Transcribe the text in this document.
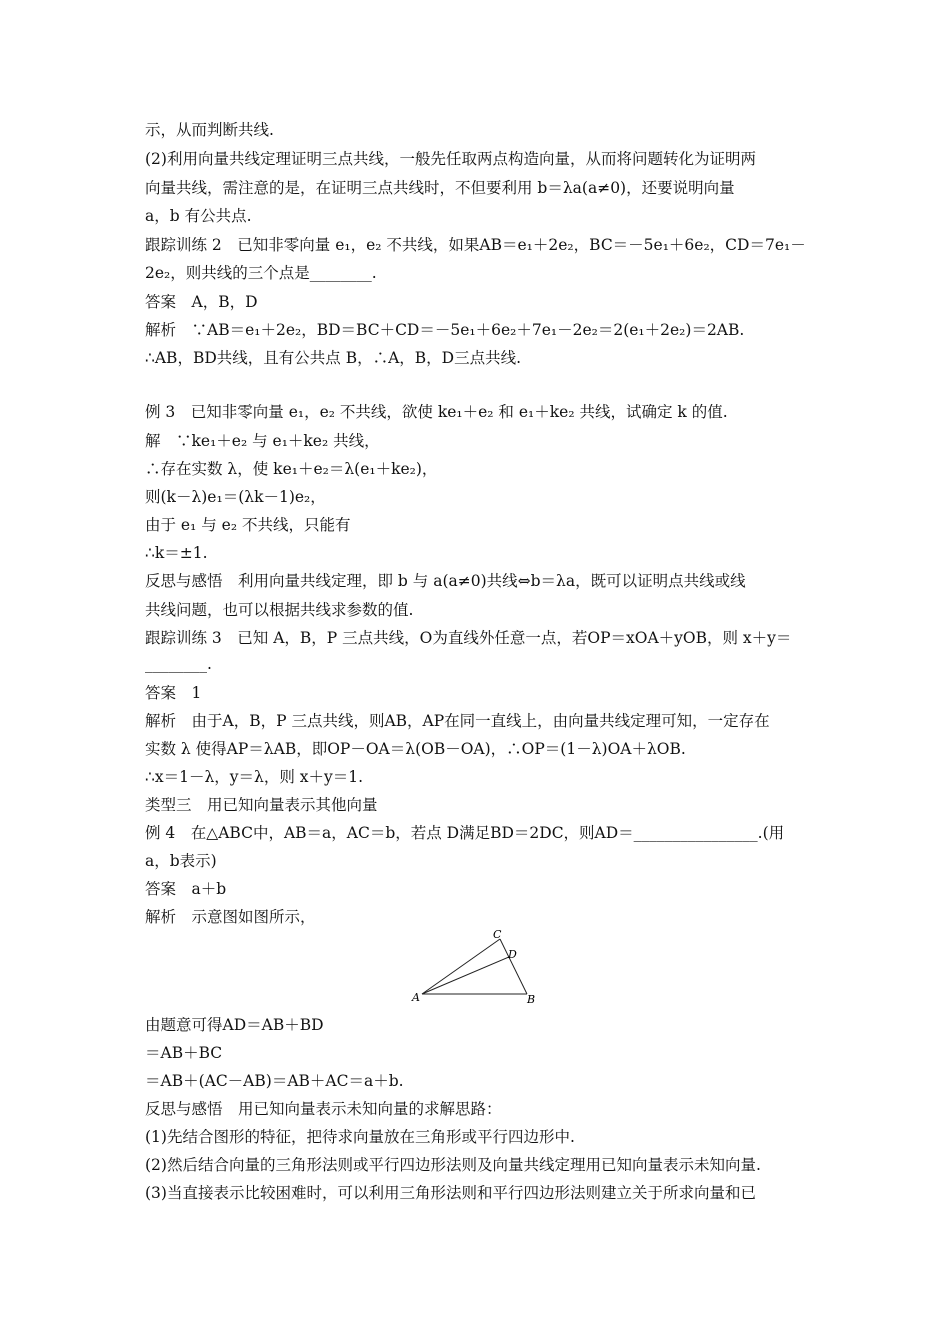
示，从而判断共线.
(2)利用向量共线定理证明三点共线，一般先任取两点构造向量，从而将问题转化为证明两
向量共线，需注意的是，在证明三点共线时，不但要利用 b＝λa(a≠0)，还要说明向量
a，b 有公共点.
跟踪训练 2　已知非零向量 e₁，e₂ 不共线，如果AB＝e₁＋2e₂，BC＝－5e₁＋6e₂，CD＝7e₁－
2e₂，则共线的三个点是________.
答案　A，B，D
解析　∵AB＝e₁＋2e₂，BD＝BC＋CD＝－5e₁＋6e₂＋7e₁－2e₂＝2(e₁＋2e₂)＝2AB.
∴AB，BD共线，且有公共点 B，∴A，B，D三点共线.
例 3　已知非零向量 e₁，e₂ 不共线，欲使 ke₁＋e₂ 和 e₁＋ke₂ 共线，试确定 k 的值.
解　∵ke₁＋e₂ 与 e₁＋ke₂ 共线，
∴存在实数 λ，使 ke₁＋e₂＝λ(e₁＋ke₂)，
则(k－λ)e₁＝(λk－1)e₂，
由于 e₁ 与 e₂ 不共线，只能有
∴k＝±1.
反思与感悟　利用向量共线定理，即 b 与 a(a≠0)共线⇔b＝λa，既可以证明点共线或线
共线问题，也可以根据共线求参数的值.
跟踪训练 3　已知 A，B，P 三点共线，O为直线外任意一点，若OP＝xOA＋yOB，则 x＋y＝
________.
答案　1
解析　由于A，B，P 三点共线，则AB，AP在同一直线上，由向量共线定理可知，一定存在
实数 λ 使得AP＝λAB，即OP－OA＝λ(OB－OA)，∴OP＝(1－λ)OA＋λOB.
∴x＝1－λ，y＝λ，则 x＋y＝1.
类型三　用已知向量表示其他向量
例 4　在△ABC中，AB＝a，AC＝b，若点 D满足BD＝2DC，则AD＝________________.(用
a，b表示)
答案　a＋b
解析　示意图如图所示，
A	B
C
D
由题意可得AD＝AB＋BD
＝AB＋BC
＝AB＋(AC－AB)＝AB＋AC＝a＋b.
反思与感悟　用已知向量表示未知向量的求解思路：
(1)先结合图形的特征，把待求向量放在三角形或平行四边形中.
(2)然后结合向量的三角形法则或平行四边形法则及向量共线定理用已知向量表示未知向量.
(3)当直接表示比较困难时，可以利用三角形法则和平行四边形法则建立关于所求向量和已
